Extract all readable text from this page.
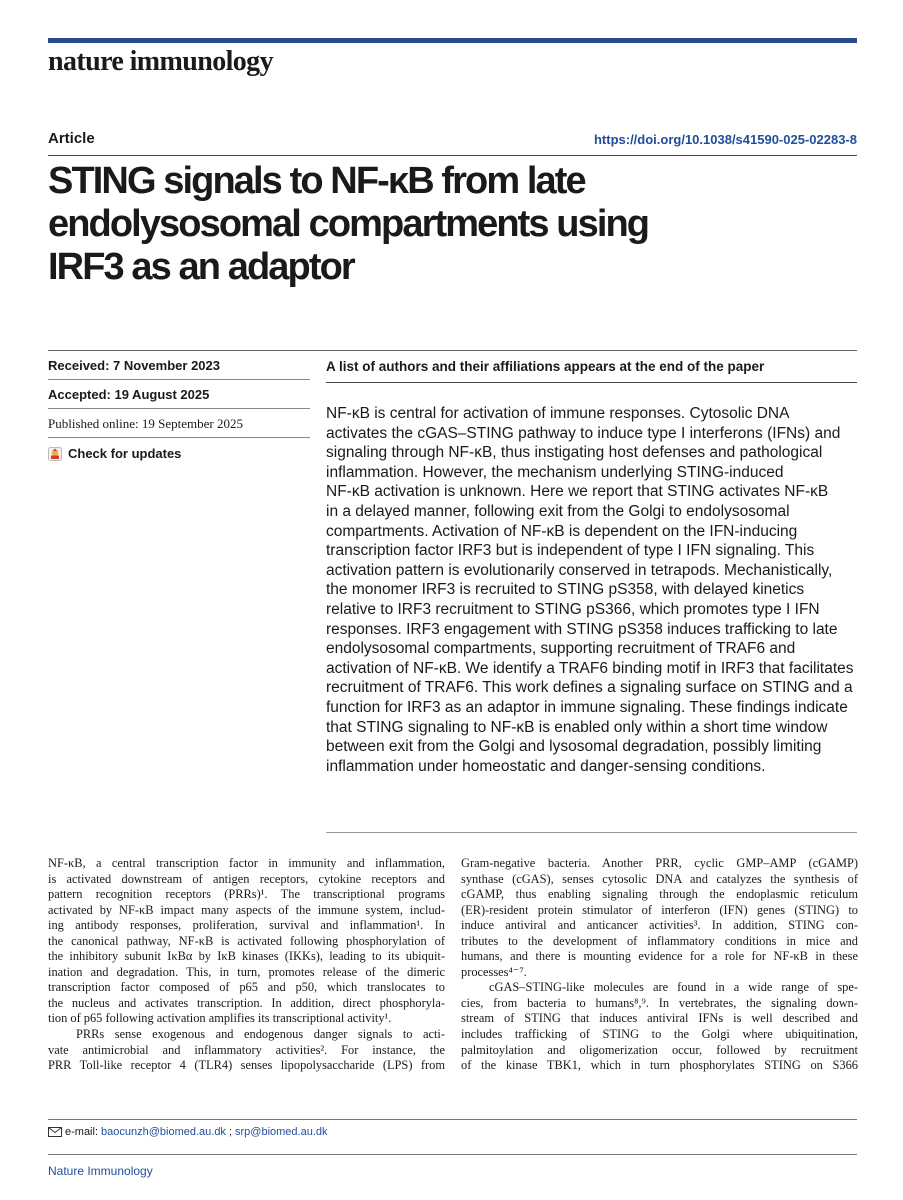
nature immunology
Article	https://doi.org/10.1038/s41590-025-02283-8
STING signals to NF-κB from late
endolysosomal compartments using
IRF3 as an adaptor
Received: 7 November 2023
Accepted: 19 August 2025
Published online: 19 September 2025
Check for updates
A list of authors and their affiliations appears at the end of the paper
NF-κB is central for activation of immune responses. Cytosolic DNA
activates the cGAS–STING pathway to induce type I interferons (IFNs) and
signaling through NF-κB, thus instigating host defenses and pathological
inflammation. However, the mechanism underlying STING-induced
NF-κB activation is unknown. Here we report that STING activates NF-κB
in a delayed manner, following exit from the Golgi to endolysosomal
compartments. Activation of NF-κB is dependent on the IFN-inducing
transcription factor IRF3 but is independent of type I IFN signaling. This
activation pattern is evolutionarily conserved in tetrapods. Mechanistically,
the monomer IRF3 is recruited to STING pS358, with delayed kinetics
relative to IRF3 recruitment to STING pS366, which promotes type I IFN
responses. IRF3 engagement with STING pS358 induces trafficking to late
endolysosomal compartments, supporting recruitment of TRAF6 and
activation of NF-κB. We identify a TRAF6 binding motif in IRF3 that facilitates
recruitment of TRAF6. This work defines a signaling surface on STING and a
function for IRF3 as an adaptor in immune signaling. These findings indicate
that STING signaling to NF-κB is enabled only within a short time window
between exit from the Golgi and lysosomal degradation, possibly limiting
inflammation under homeostatic and danger-sensing conditions.
NF-κB, a central transcription factor in immunity and inflammation,
is activated downstream of antigen receptors, cytokine receptors and
pattern recognition receptors (PRRs)¹. The transcriptional programs
activated by NF-κB impact many aspects of the immune system, includ-
ing antibody responses, proliferation, survival and inflammation¹. In
the canonical pathway, NF-κB is activated following phosphorylation of
the inhibitory subunit IκBα by IκB kinases (IKKs), leading to its ubiquit-
ination and degradation. This, in turn, promotes release of the dimeric
transcription factor composed of p65 and p50, which translocates to
the nucleus and activates transcription. In addition, direct phosphoryla-
tion of p65 following activation amplifies its transcriptional activity¹.
PRRs sense exogenous and endogenous danger signals to acti-
vate antimicrobial and inflammatory activities². For instance, the
PRR Toll-like receptor 4 (TLR4) senses lipopolysaccharide (LPS) from
Gram-negative bacteria. Another PRR, cyclic GMP–AMP (cGAMP)
synthase (cGAS), senses cytosolic DNA and catalyzes the synthesis of
cGAMP, thus enabling signaling through the endoplasmic reticulum
(ER)-resident protein stimulator of interferon (IFN) genes (STING) to
induce antiviral and anticancer activities³. In addition, STING con-
tributes to the development of inflammatory conditions in mice and
humans, and there is mounting evidence for a role for NF-κB in these
processes⁴⁻⁷.
cGAS–STING-like molecules are found in a wide range of spe-
cies, from bacteria to humans⁸,⁹. In vertebrates, the signaling down-
stream of STING that induces antiviral IFNs is well described and
includes trafficking of STING to the Golgi where ubiquitination,
palmitoylation and oligomerization occur, followed by recruitment
of the kinase TBK1, which in turn phosphorylates STING on S366
e-mail: baocunzh@biomed.au.dk ; srp@biomed.au.dk
Nature Immunology
